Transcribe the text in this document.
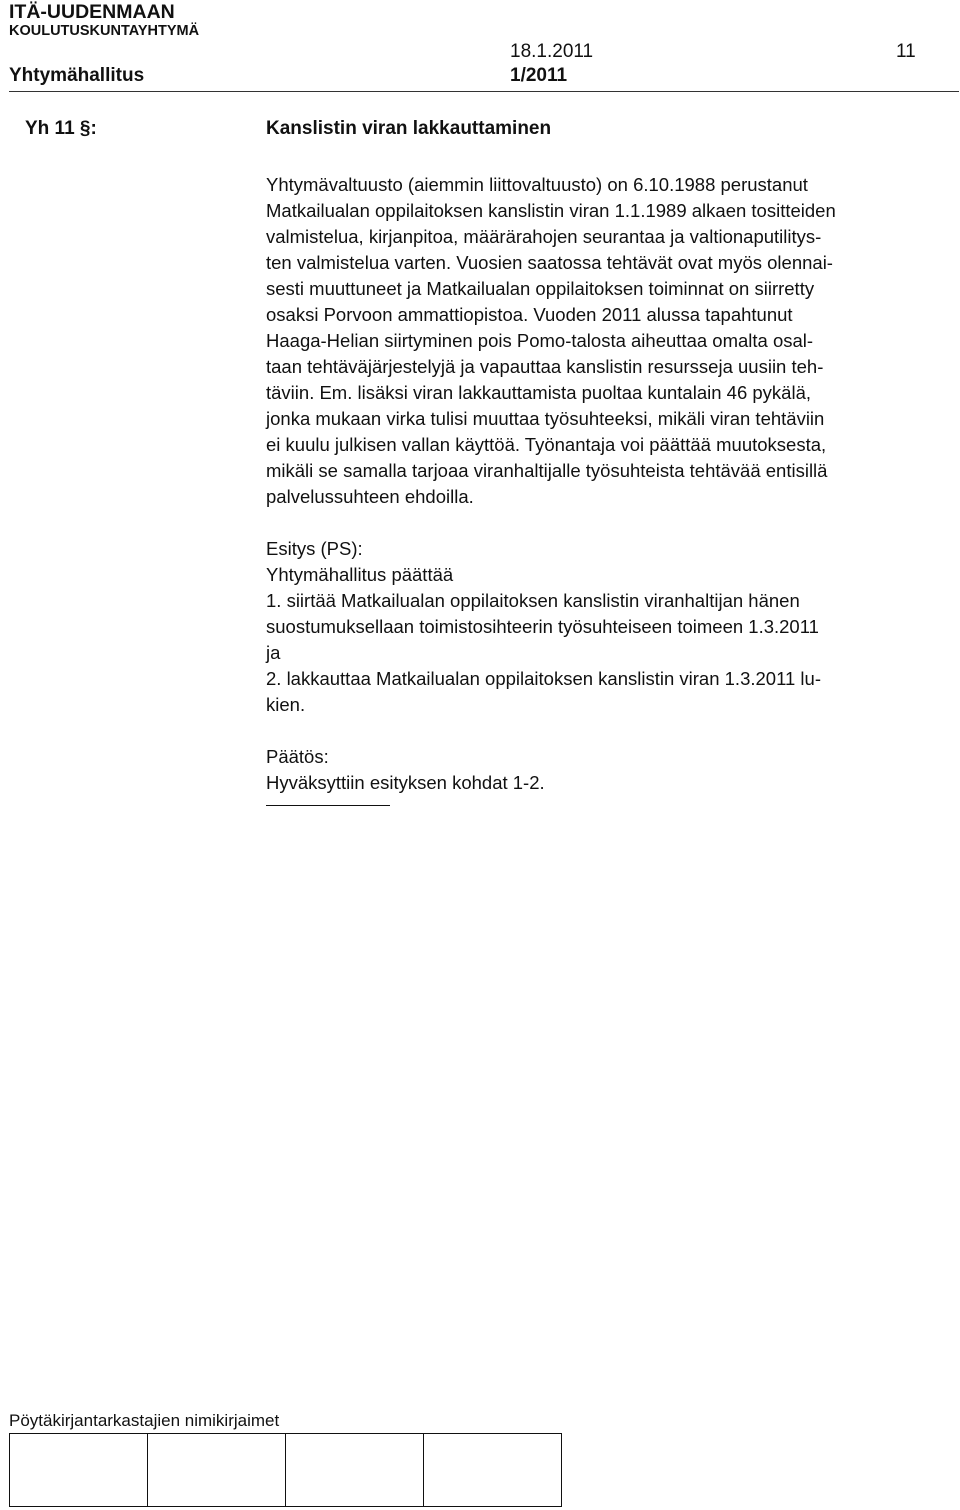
ITÄ-UUDENMAAN
KOULUTUSKUNTAYHTYMÄ
18.1.2011	11
Yhtymähallitus	1/2011
Yh 11 §:	Kanslistin viran lakkauttaminen
Yhtymävaltuusto (aiemmin liittovaltuusto) on 6.10.1988 perustanut
Matkailualan oppilaitoksen kanslistin viran 1.1.1989 alkaen tositteiden
valmistelua, kirjanpitoa, määrärahojen seurantaa ja valtionaputilitys-
ten valmistelua varten. Vuosien saatossa tehtävät ovat myös olennai-
sesti muuttuneet ja Matkailualan oppilaitoksen toiminnat on siirretty
osaksi Porvoon ammattiopistoa. Vuoden 2011 alussa tapahtunut
Haaga-Helian siirtyminen pois Pomo-talosta aiheuttaa omalta osal-
taan tehtäväjärjestelyjä ja vapauttaa kanslistin resursseja uusiin teh-
täviin. Em. lisäksi viran lakkauttamista puoltaa kuntalain 46 pykälä,
jonka mukaan virka tulisi muuttaa työsuhteeksi, mikäli viran tehtäviin
ei kuulu julkisen vallan käyttöä. Työnantaja voi päättää muutoksesta,
mikäli se samalla tarjoaa viranhaltijalle työsuhteista tehtävää entisillä
palvelussuhteen ehdoilla.
Esitys (PS):
Yhtymähallitus päättää
1. siirtää Matkailualan oppilaitoksen kanslistin viranhaltijan hänen
suostumuksellaan toimistosihteerin työsuhteiseen toimeen 1.3.2011
ja
2. lakkauttaa Matkailualan oppilaitoksen kanslistin viran 1.3.2011 lu-
kien.
Päätös:
Hyväksyttiin esityksen kohdat 1-2.
Pöytäkirjantarkastajien nimikirjaimet
